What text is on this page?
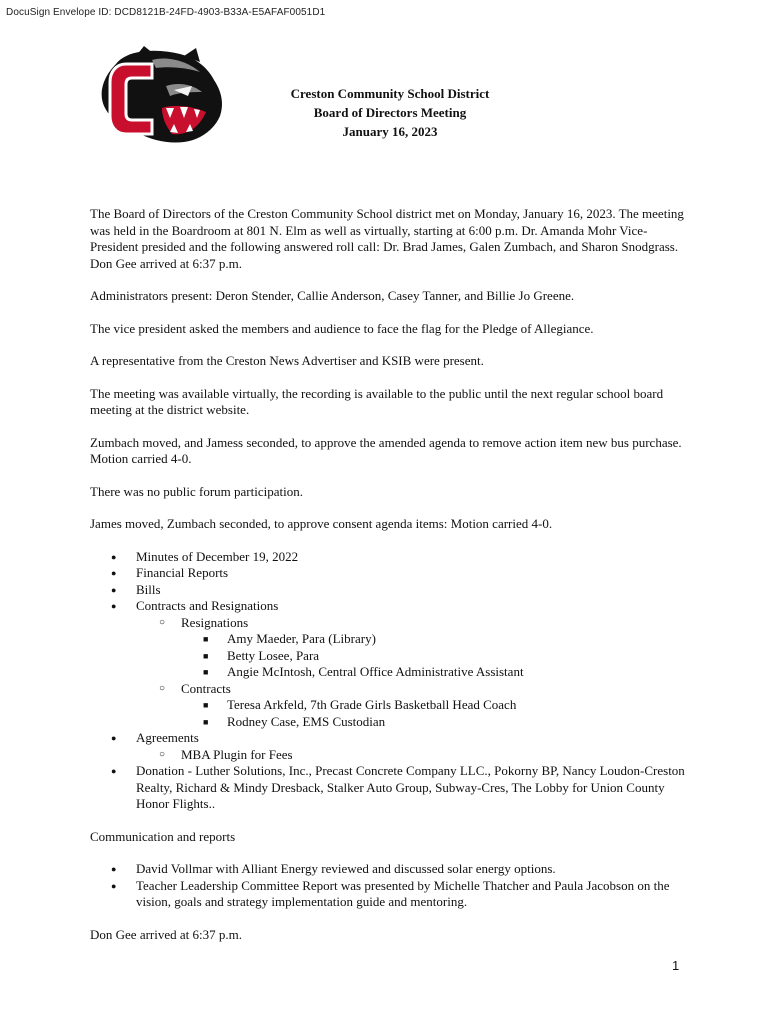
DocuSign Envelope ID: DCD8121B-24FD-4903-B33A-E5AFAF0051D1
Creston Community School District
Board of Directors Meeting
January 16, 2023

The Board of Directors of the Creston Community School district met on Monday, January 16, 2023. The meeting was held in the Boardroom at 801 N. Elm as well as virtually, starting at 6:00 p.m. Dr. Amanda Mohr Vice-President presided and the following answered roll call: Dr. Brad James, Galen Zumbach, and Sharon Snodgrass. Don Gee arrived at 6:37 p.m.

Administrators present: Deron Stender, Callie Anderson, Casey Tanner, and Billie Jo Greene.

The vice president asked the members and audience to face the flag for the Pledge of Allegiance.

A representative from the Creston News Advertiser and KSIB were present.

The meeting was available virtually, the recording is available to the public until the next regular school board meeting at the district website.

Zumbach moved, and Jamess seconded, to approve the amended agenda to remove action item new bus purchase. Motion carried 4-0.

There was no public forum participation.

James moved, Zumbach seconded, to approve consent agenda items: Motion carried 4-0.

● Minutes of December 19, 2022
● Financial Reports
● Bills
● Contracts and Resignations
○ Resignations
■ Amy Maeder, Para (Library)
■ Betty Losee, Para
■ Angie McIntosh, Central Office Administrative Assistant
○ Contracts
■ Teresa Arkfeld, 7th Grade Girls Basketball Head Coach
■ Rodney Case, EMS Custodian
● Agreements
○ MBA Plugin for Fees
● Donation - Luther Solutions, Inc., Precast Concrete Company LLC., Pokorny BP, Nancy Loudon-Creston Realty, Richard & Mindy Dresback, Stalker Auto Group, Subway-Cres, The Lobby for Union County Honor Flights..

Communication and reports

● David Vollmar with Alliant Energy reviewed and discussed solar energy options.
● Teacher Leadership Committee Report was presented by Michelle Thatcher and Paula Jacobson on the vision, goals and strategy implementation guide and mentoring.

Don Gee arrived at 6:37 p.m.

1
